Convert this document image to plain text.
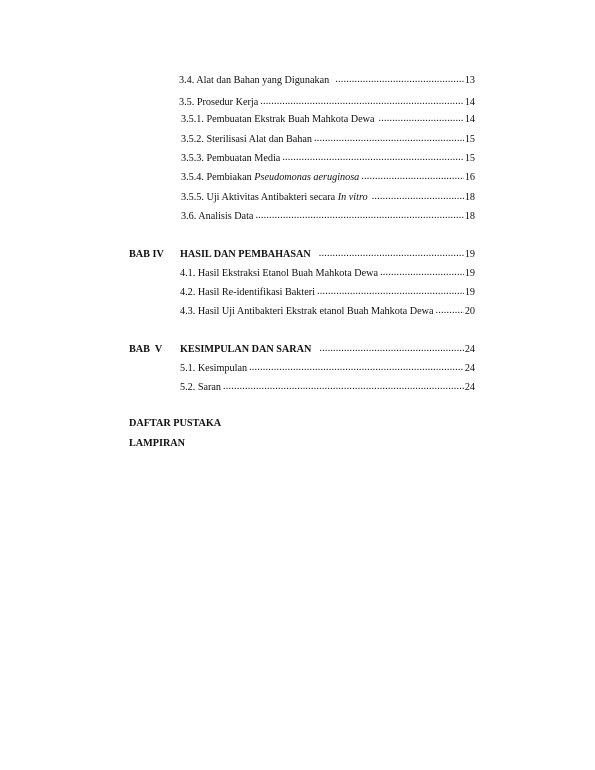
3.4. Alat dan Bahan yang Digunakan .....	13
3.5. Prosedur Kerja .....	14
3.5.1. Pembuatan Ekstrak Buah Mahkota Dewa .....	14
3.5.2. Sterilisasi Alat dan Bahan .....	15
3.5.3. Pembuatan Media .....	15
3.5.4. Pembiakan Pseudomonas aeruginosa .....	16
3.5.5. Uji Aktivitas Antibakteri secara In vitro .....	18
3.6. Analisis Data .....	18
BAB IV HASIL DAN PEMBAHASAN .....	19
4.1. Hasil Ekstraksi Etanol Buah Mahkota Dewa .....	19
4.2. Hasil Re-identifikasi Bakteri .....	19
4.3. Hasil Uji Antibakteri Ekstrak etanol Buah Mahkota Dewa .....	20
BAB  V KESIMPULAN DAN SARAN .....	24
5.1. Kesimpulan .....	24
5.2. Saran .....	24
DAFTAR PUSTAKA
LAMPIRAN
